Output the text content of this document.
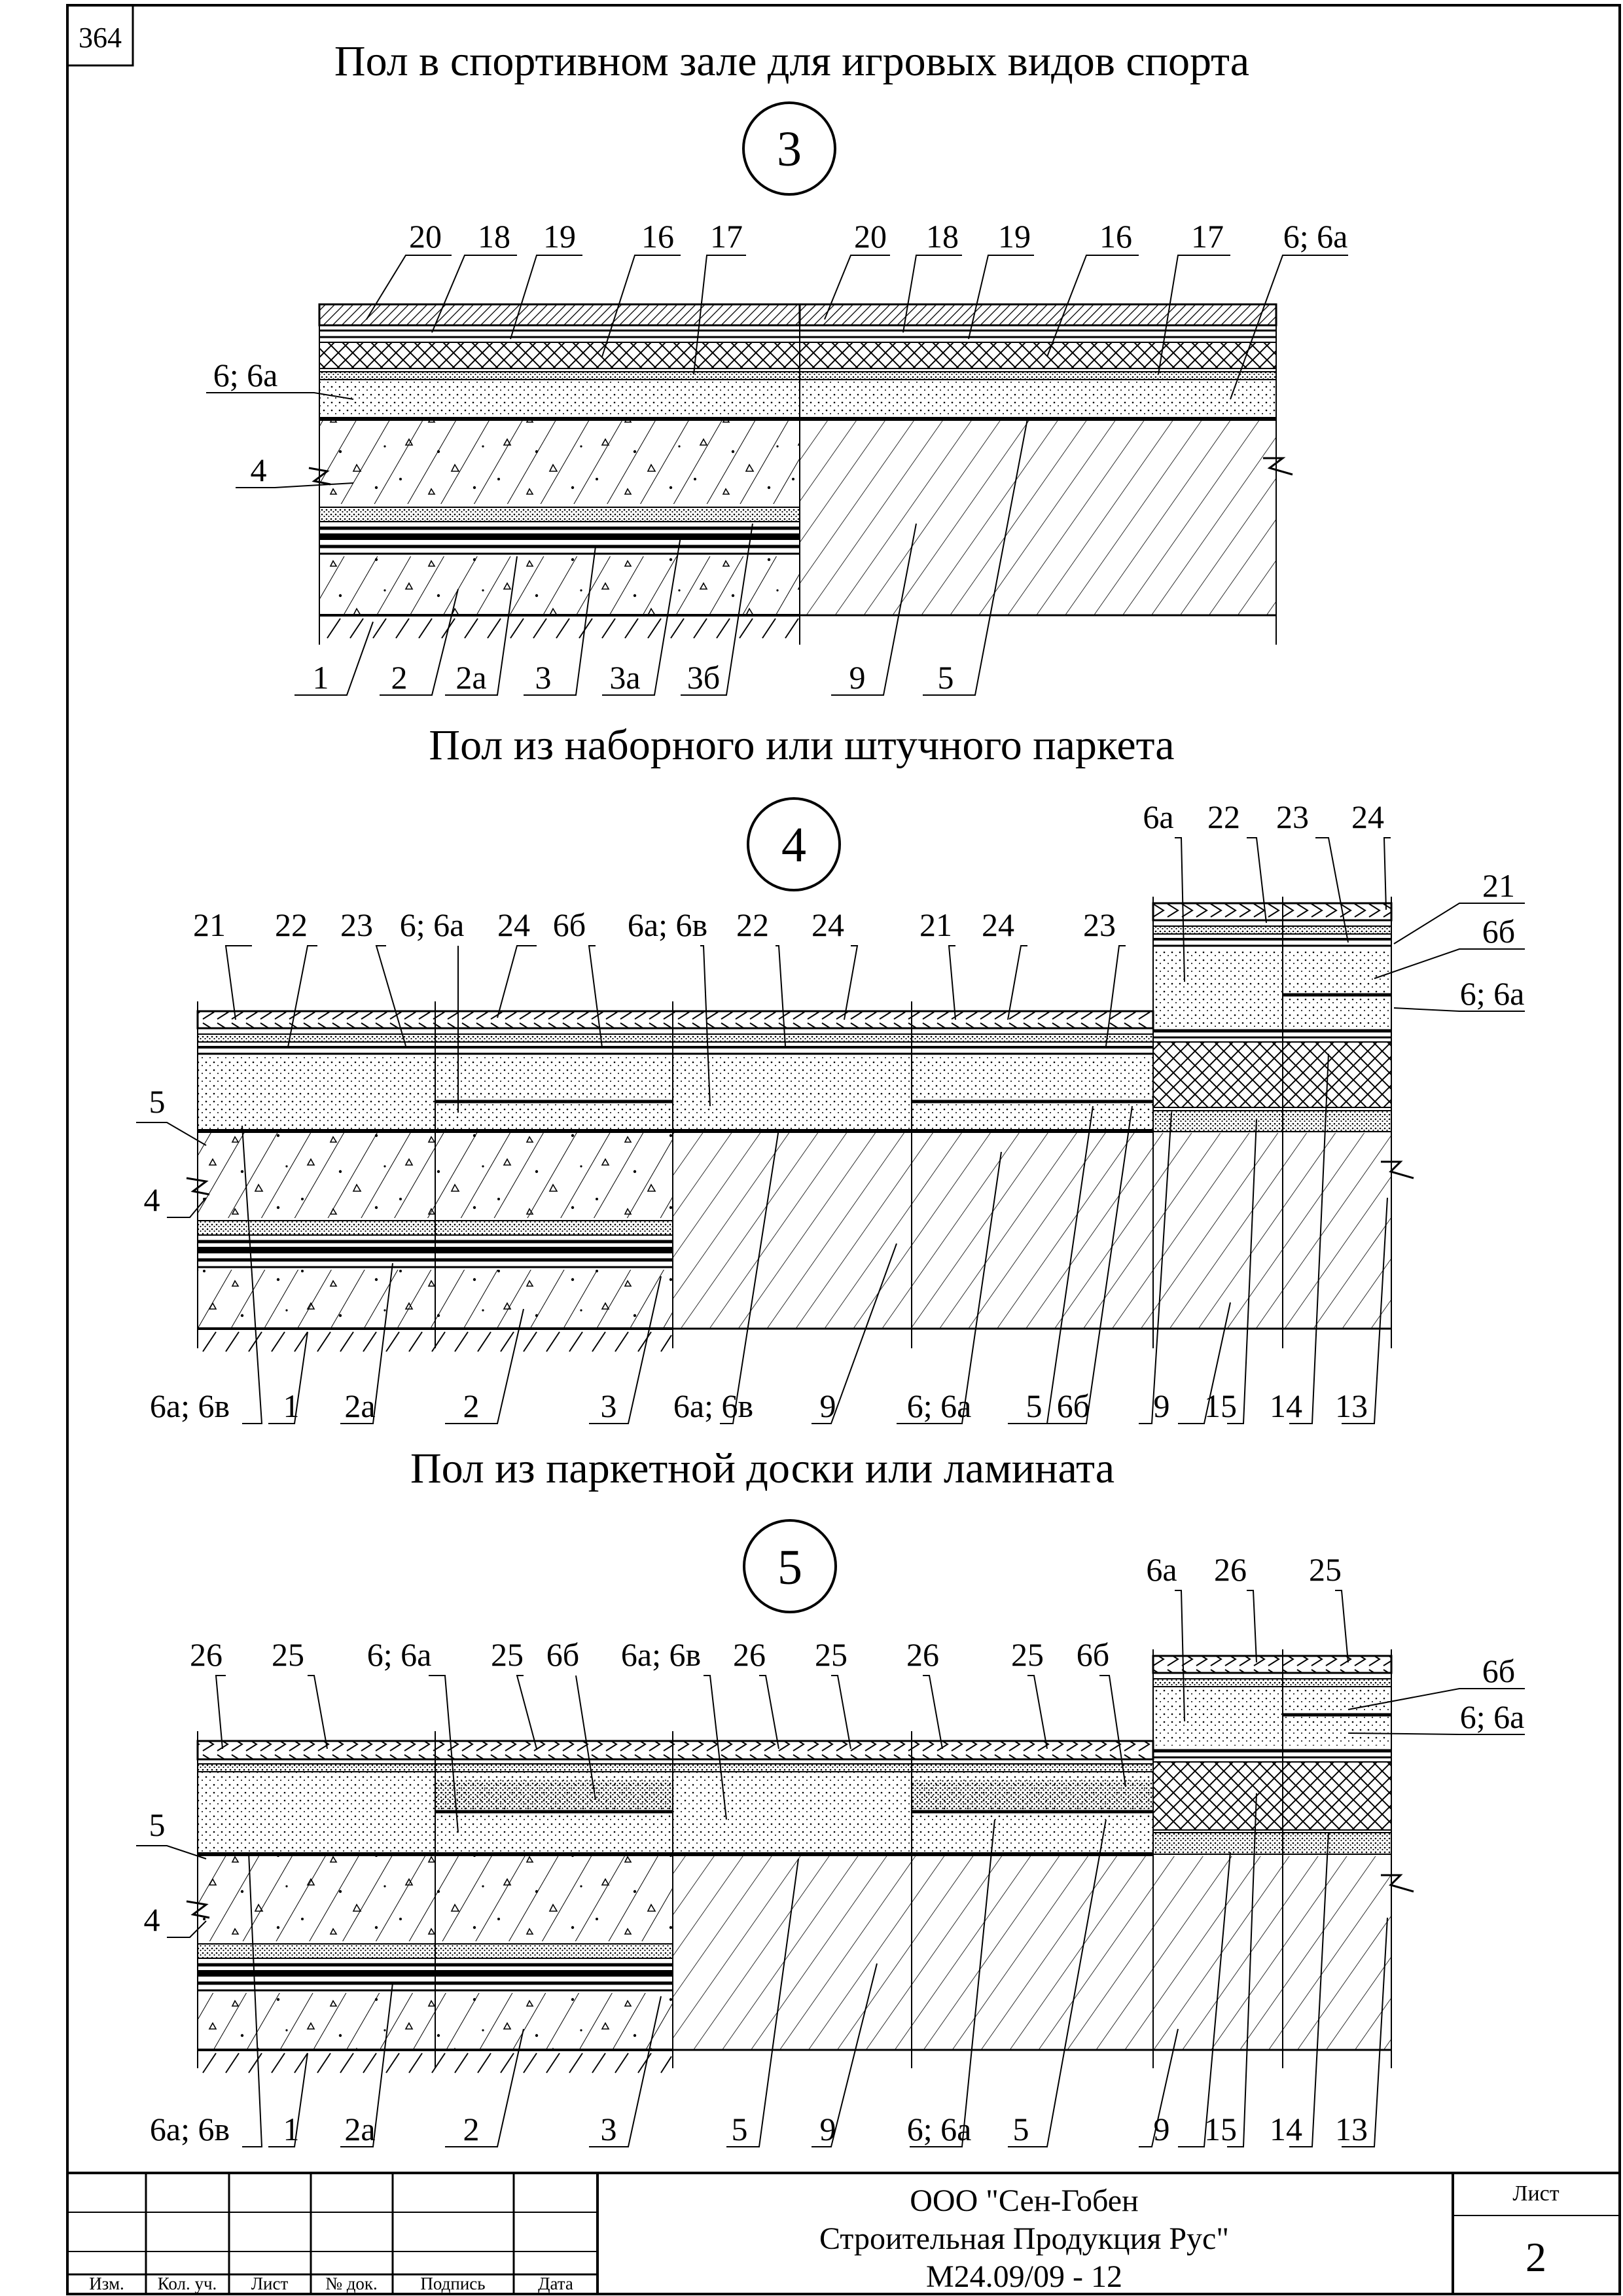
364	Пол в спортивном зале для игровых видов спорта
3
20 18 19 16 17	20 18 19 16 17 6; 6а
6; 6а
4
1 2 2а 3 3а 3б	9 5
Пол из наборного или штучного паркета
4
21 22 23 6; 6а 24 6б 6а; 6в 22 24 21 24 23
6а 22 23 24
21
6б
6; 6а
5
4
6а; 6в 1 2а	2	3 6а; 6в 9 6; 6а 5 6б 9 15 14 13
Пол из паркетной доски или ламината
5
26 25 6; 6а 25 6б 6а; 6в 26 25 26 25 6б
6а 26 25
6б
6; 6а
5
4
6а; 6в 1 2а	2	3	5 9 6; 6а 5	9 15 14 13
Изм. Кол. уч. Лист № док. Подпись	Дата
ООО "Сен-Гобен
Строительная Продукция Рус"
М24.09/09 - 12
Лист
2
